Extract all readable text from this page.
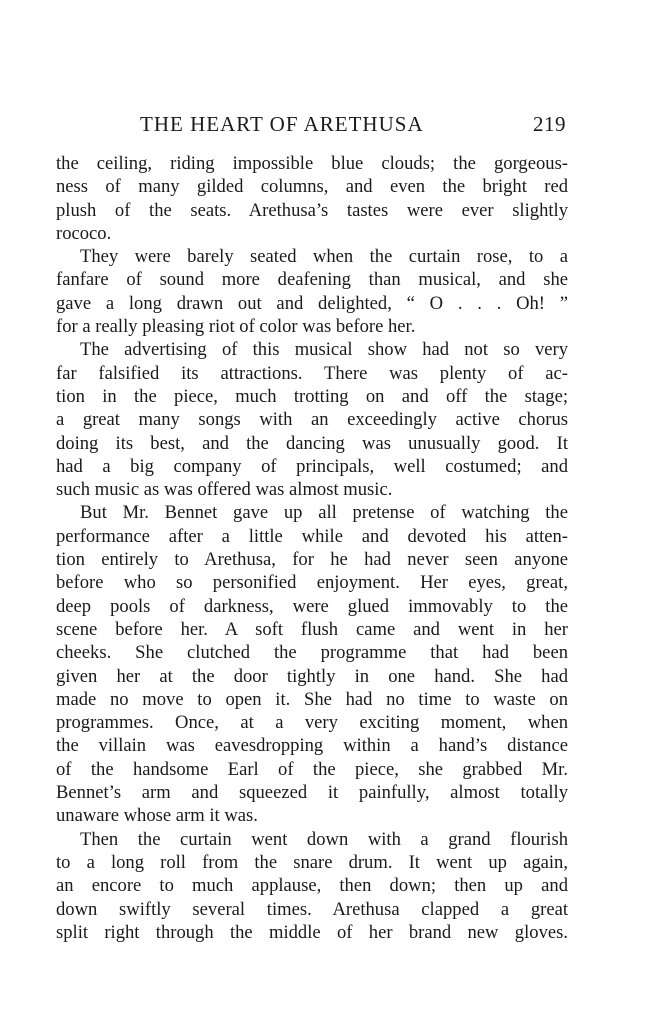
THE HEART OF ARETHUSA	219
the ceiling, riding impossible blue clouds; the gorgeous-
ness of many gilded columns, and even the bright red
plush of the seats. Arethusa’s tastes were ever slightly
rococo.
They were barely seated when the curtain rose, to a
fanfare of sound more deafening than musical, and she
gave a long drawn out and delighted, “ O . . . Oh! ”
for a really pleasing riot of color was before her.
The advertising of this musical show had not so very
far falsified its attractions. There was plenty of ac-
tion in the piece, much trotting on and off the stage;
a great many songs with an exceedingly active chorus
doing its best, and the dancing was unusually good. It
had a big company of principals, well costumed; and
such music as was offered was almost music.
But Mr. Bennet gave up all pretense of watching the
performance after a little while and devoted his atten-
tion entirely to Arethusa, for he had never seen anyone
before who so personified enjoyment. Her eyes, great,
deep pools of darkness, were glued immovably to the
scene before her. A soft flush came and went in her
cheeks. She clutched the programme that had been
given her at the door tightly in one hand. She had
made no move to open it. She had no time to waste on
programmes. Once, at a very exciting moment, when
the villain was eavesdropping within a hand’s distance
of the handsome Earl of the piece, she grabbed Mr.
Bennet’s arm and squeezed it painfully, almost totally
unaware whose arm it was.
Then the curtain went down with a grand flourish
to a long roll from the snare drum. It went up again,
an encore to much applause, then down; then up and
down swiftly several times. Arethusa clapped a great
split right through the middle of her brand new gloves.
